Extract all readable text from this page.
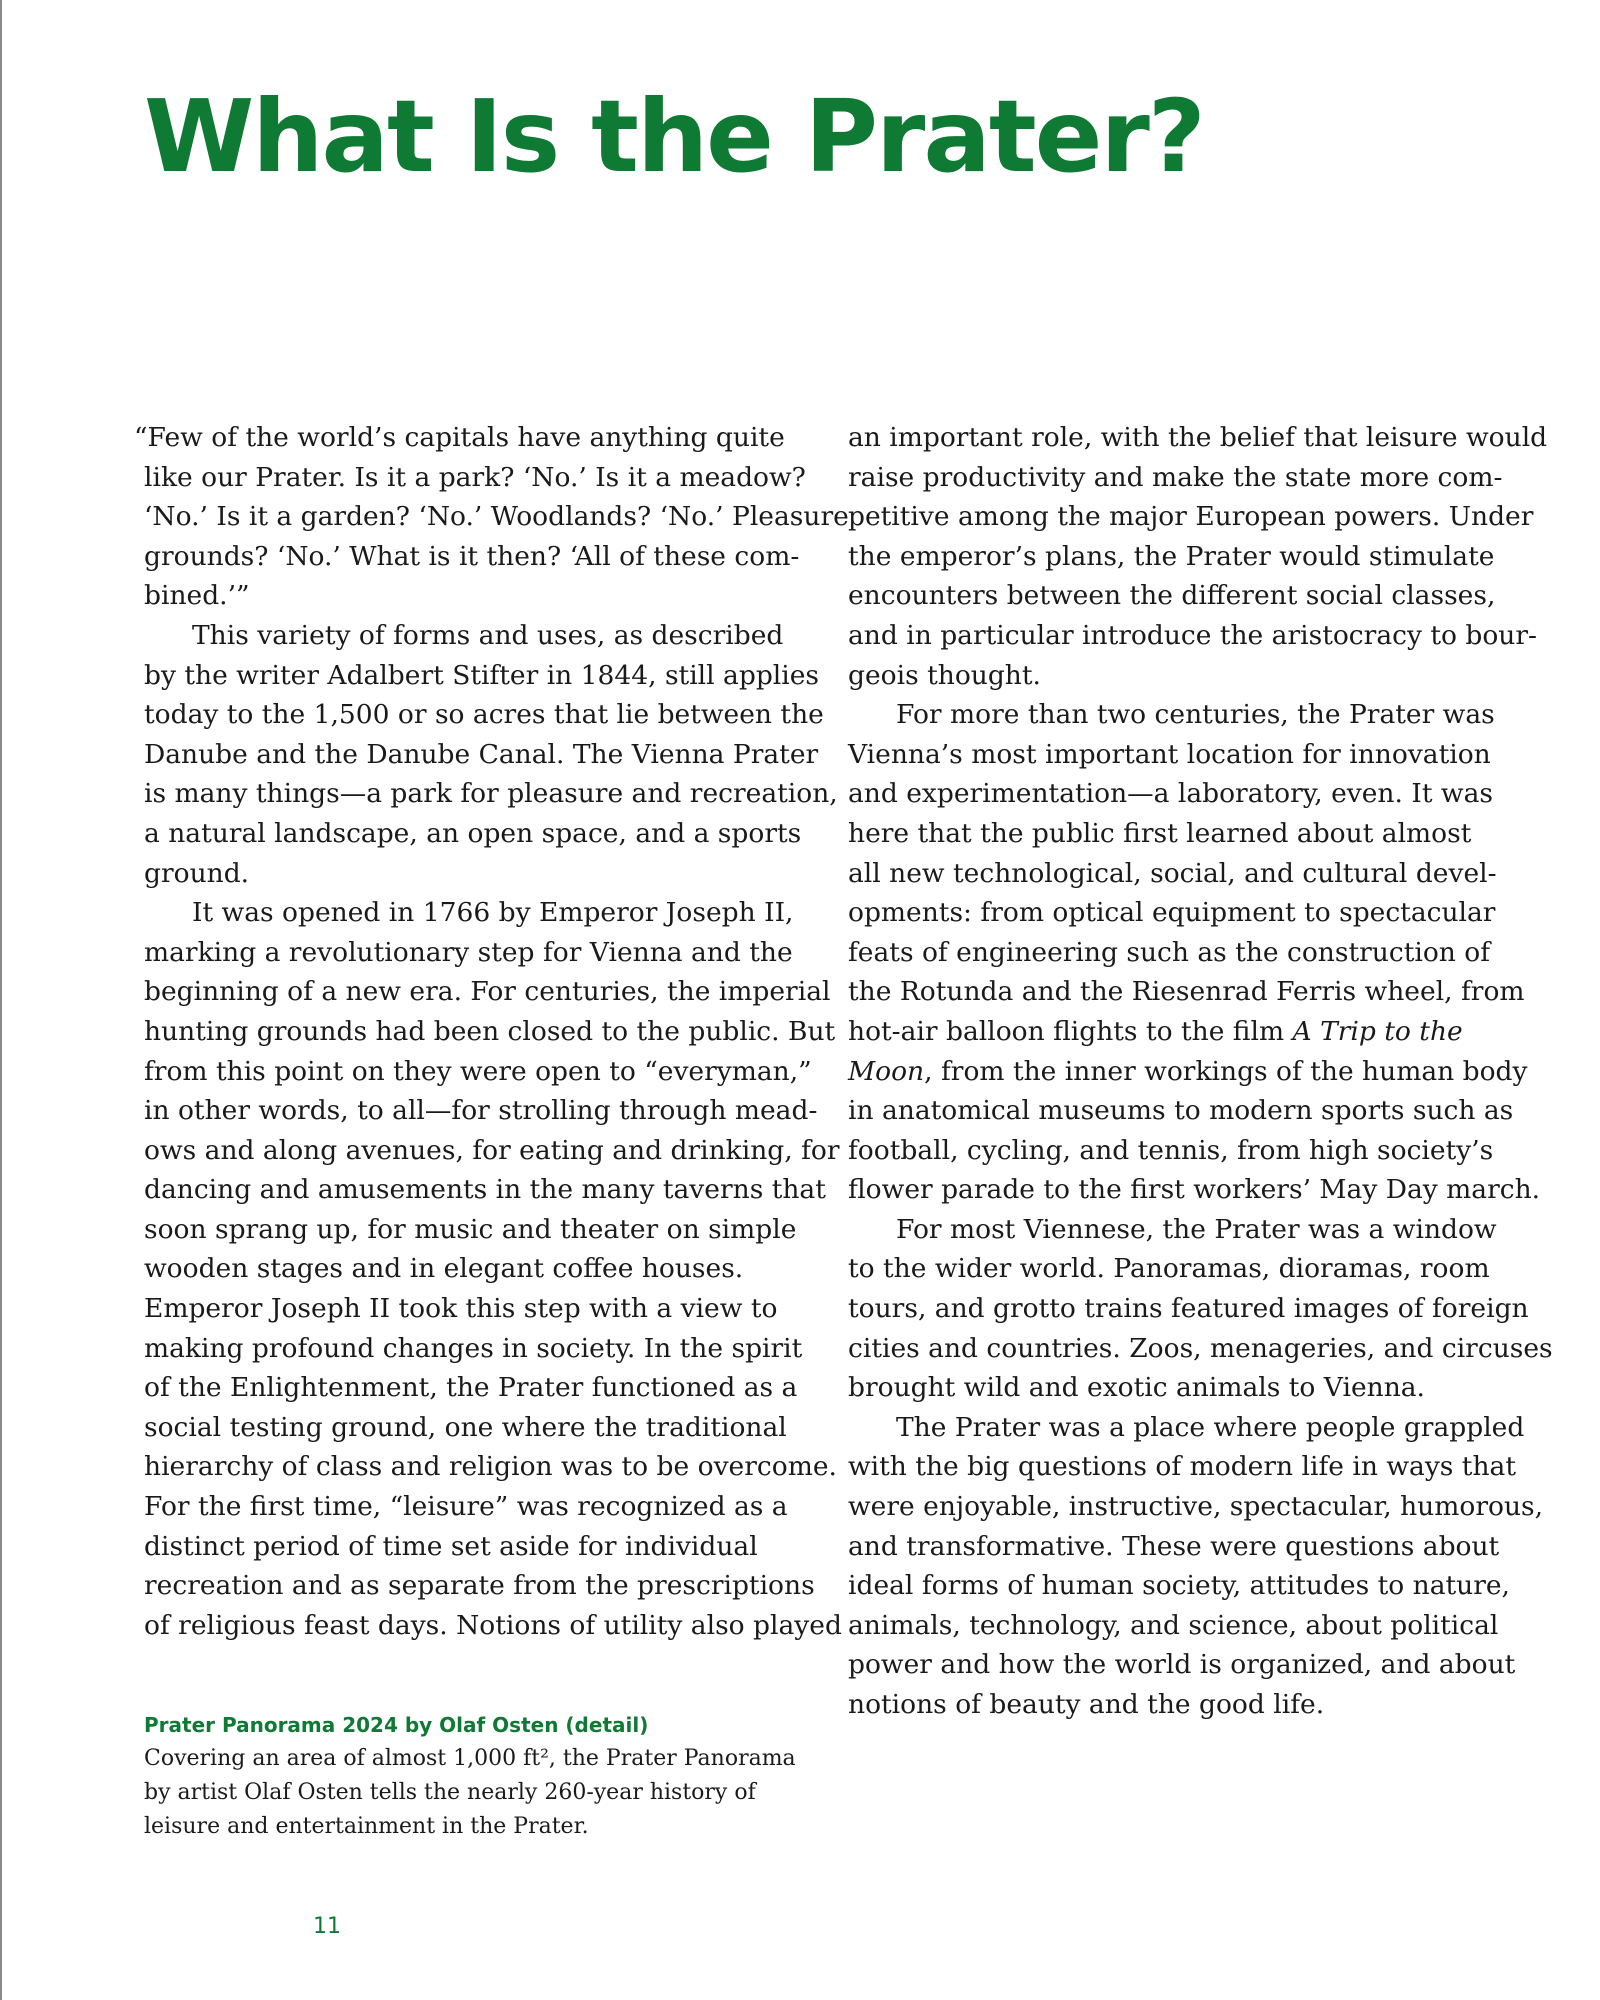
What Is the Prater?

“Few of the world’s capitals have anything quite
like our Prater. Is it a park? ‘No.’ Is it a meadow?
‘No.’ Is it a garden? ‘No.’ Woodlands? ‘No.’ Pleasure
grounds? ‘No.’ What is it then? ‘All of these com-
bined.’”

This variety of forms and uses, as described
by the writer Adalbert Stifter in 1844, still applies
today to the 1,500 or so acres that lie between the
Danube and the Danube Canal. The Vienna Prater
is many things—a park for pleasure and recreation,
a natural landscape, an open space, and a sports
ground.

It was opened in 1766 by Emperor Joseph II,
marking a revolutionary step for Vienna and the
beginning of a new era. For centuries, the imperial
hunting grounds had been closed to the public. But
from this point on they were open to “everyman,”
in other words, to all—for strolling through mead-
ows and along avenues, for eating and drinking, for
dancing and amusements in the many taverns that
soon sprang up, for music and theater on simple
wooden stages and in elegant coffee houses.
Emperor Joseph II took this step with a view to
making profound changes in society. In the spirit
of the Enlightenment, the Prater functioned as a
social testing ground, one where the traditional
hierarchy of class and religion was to be overcome.
For the first time, “leisure” was recognized as a
distinct period of time set aside for individual
recreation and as separate from the prescriptions
of religious feast days. Notions of utility also played

an important role, with the belief that leisure would
raise productivity and make the state more com-
petitive among the major European powers. Under
the emperor’s plans, the Prater would stimulate
encounters between the different social classes,
and in particular introduce the aristocracy to bour-
geois thought.

For more than two centuries, the Prater was
Vienna’s most important location for innovation
and experimentation—a laboratory, even. It was
here that the public first learned about almost
all new technological, social, and cultural devel-
opments: from optical equipment to spectacular
feats of engineering such as the construction of
the Rotunda and the Riesenrad Ferris wheel, from
hot-air balloon flights to the film A Trip to the
Moon, from the inner workings of the human body
in anatomical museums to modern sports such as
football, cycling, and tennis, from high society’s
flower parade to the first workers’ May Day march.

For most Viennese, the Prater was a window
to the wider world. Panoramas, dioramas, room
tours, and grotto trains featured images of foreign
cities and countries. Zoos, menageries, and circuses
brought wild and exotic animals to Vienna.

The Prater was a place where people grappled
with the big questions of modern life in ways that
were enjoyable, instructive, spectacular, humorous,
and transformative. These were questions about
ideal forms of human society, attitudes to nature,
animals, technology, and science, about political
power and how the world is organized, and about
notions of beauty and the good life.

Prater Panorama 2024 by Olaf Osten (detail)

Covering an area of almost 1,000 ft², the Prater Panorama
by artist Olaf Osten tells the nearly 260-year history of
leisure and entertainment in the Prater.

11
